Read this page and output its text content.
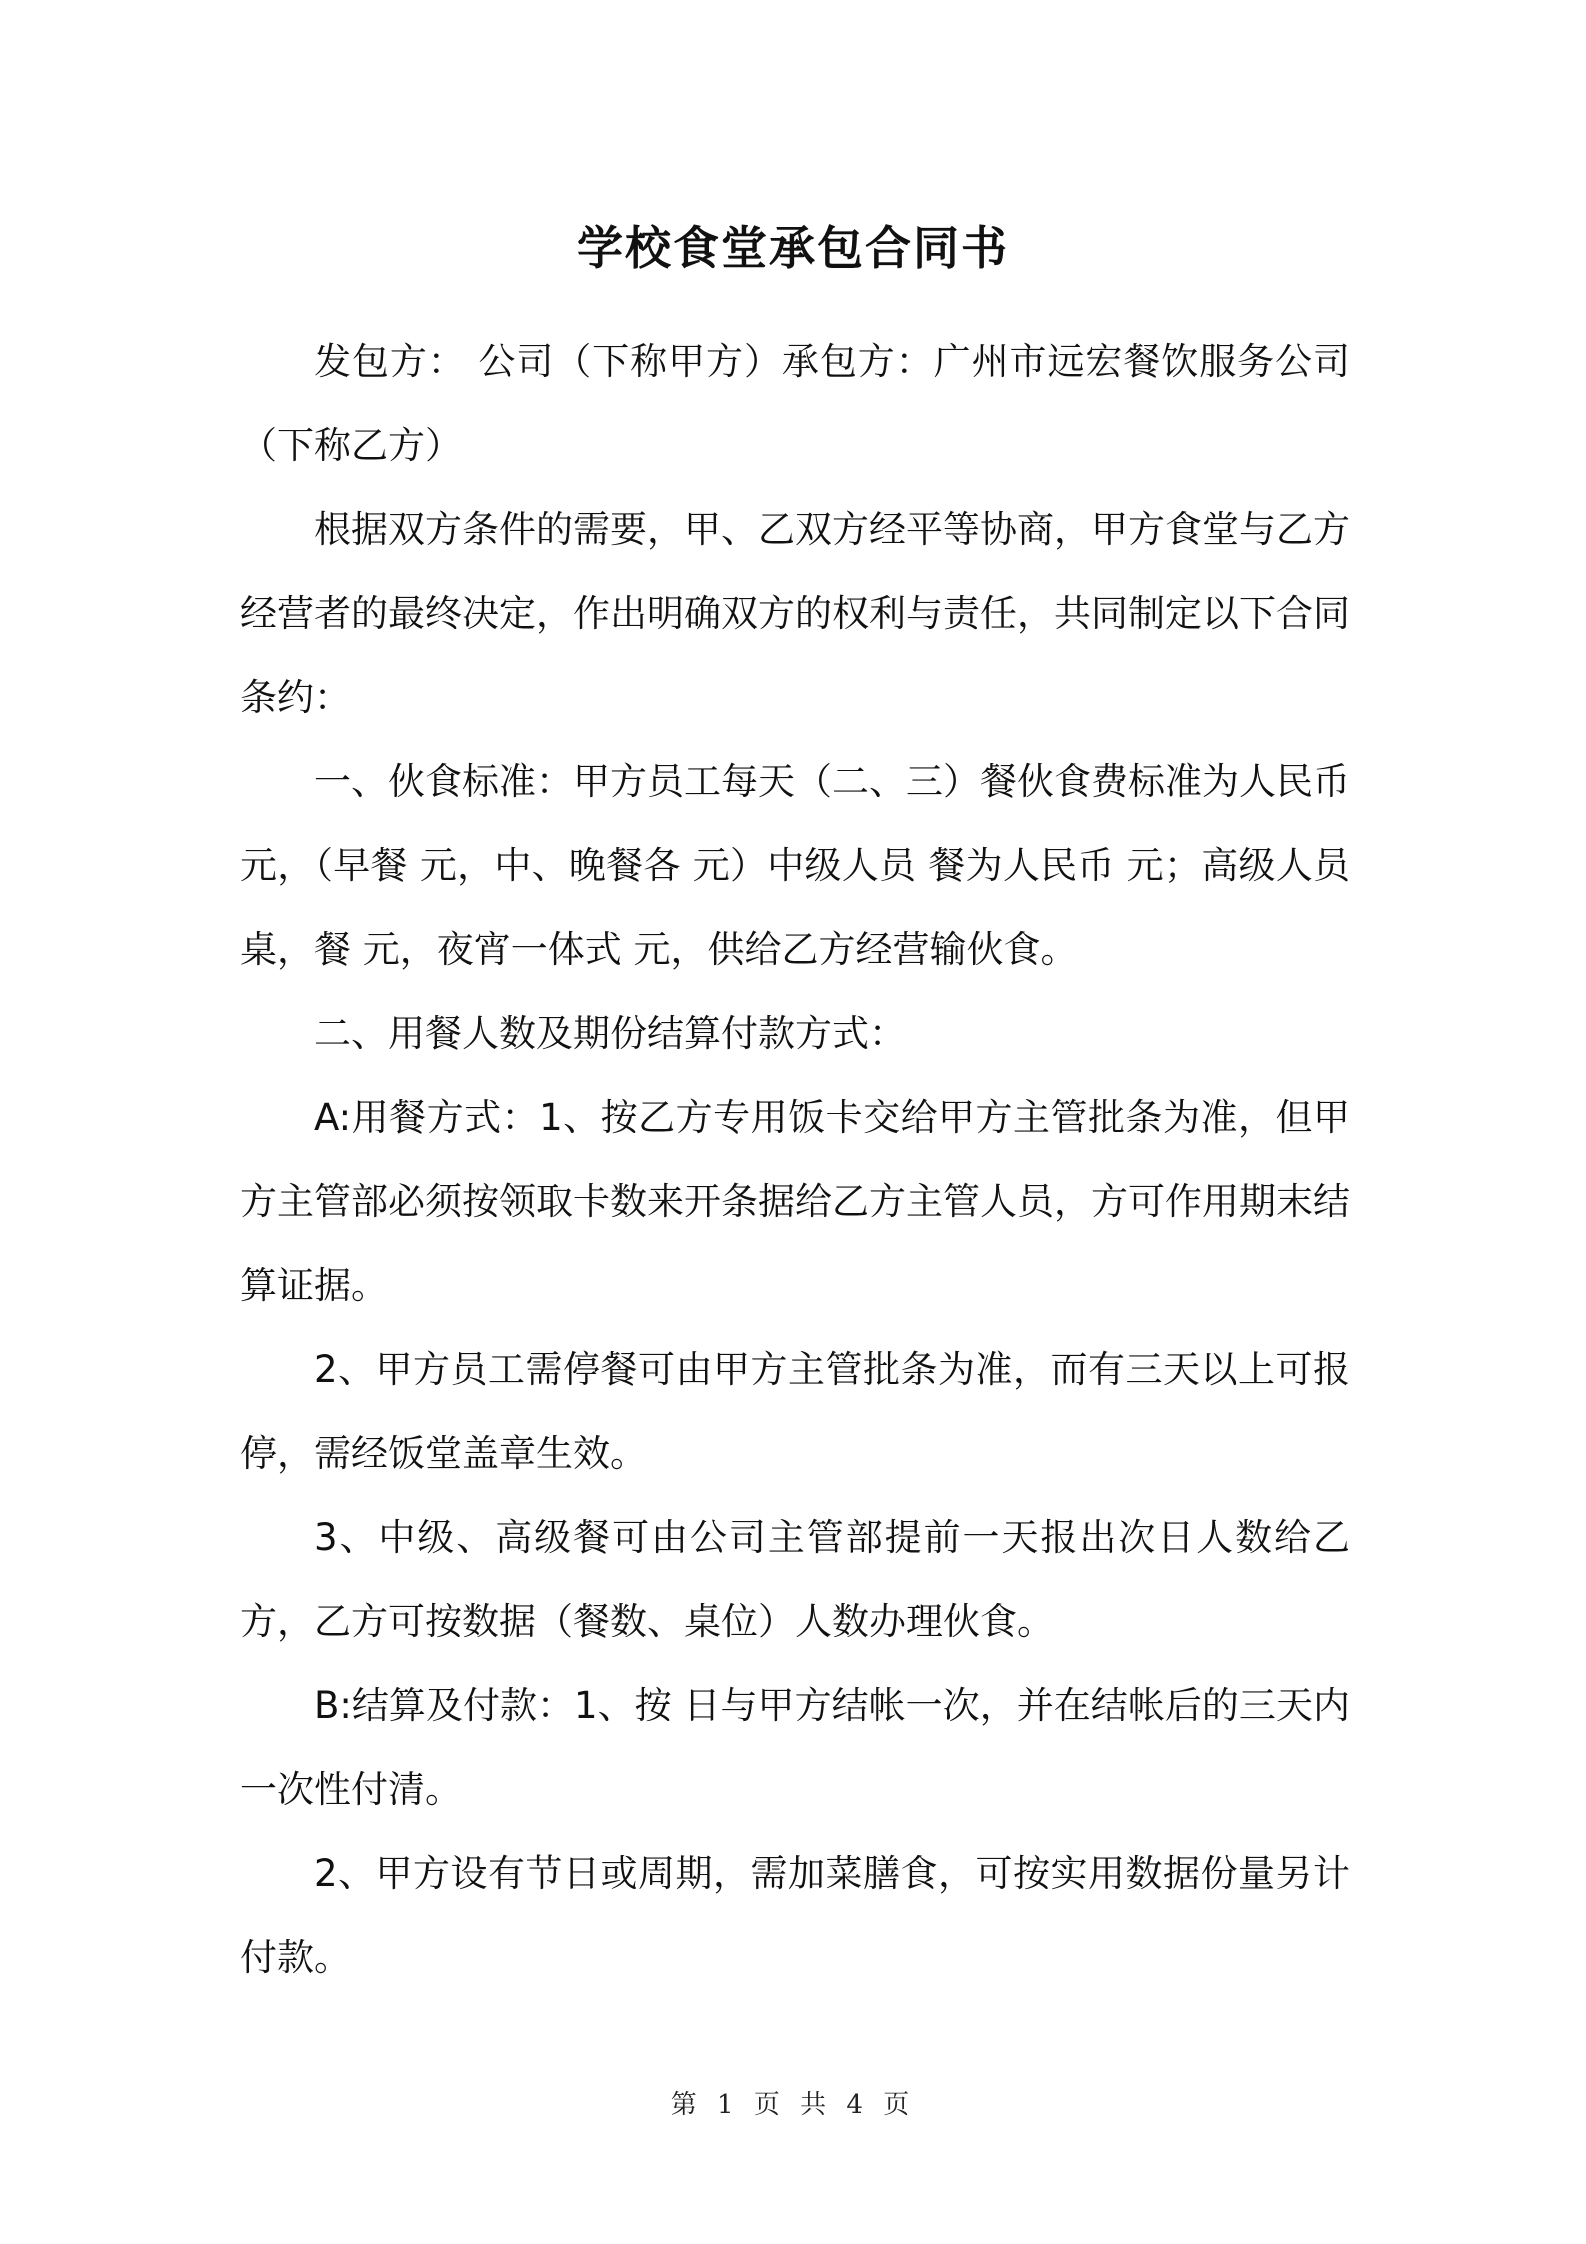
学校食堂承包合同书

发包方： 公司（下称甲方）承包方：广州市远宏餐饮服务公司（下称乙方）

根据双方条件的需要，甲、乙双方经平等协商，甲方食堂与乙方经营者的最终决定，作出明确双方的权利与责任，共同制定以下合同条约：

一、伙食标准：甲方员工每天（二、三）餐伙食费标准为人民币 元，（早餐 元，中、晚餐各 元）中级人员 餐为人民币 元；高级人员 桌，餐 元，夜宵一体式 元，供给乙方经营输伙食。

二、用餐人数及期份结算付款方式：

A:用餐方式：1、按乙方专用饭卡交给甲方主管批条为准，但甲方主管部必须按领取卡数来开条据给乙方主管人员，方可作用期末结算证据。

2、甲方员工需停餐可由甲方主管批条为准，而有三天以上可报停，需经饭堂盖章生效。

3、中级、高级餐可由公司主管部提前一天报出次日人数给乙方，乙方可按数据（餐数、桌位）人数办理伙食。

B:结算及付款：1、按 日与甲方结帐一次，并在结帐后的三天内一次性付清。

2、甲方设有节日或周期，需加菜膳食，可按实用数据份量另计付款。

第 1 页 共 4 页
